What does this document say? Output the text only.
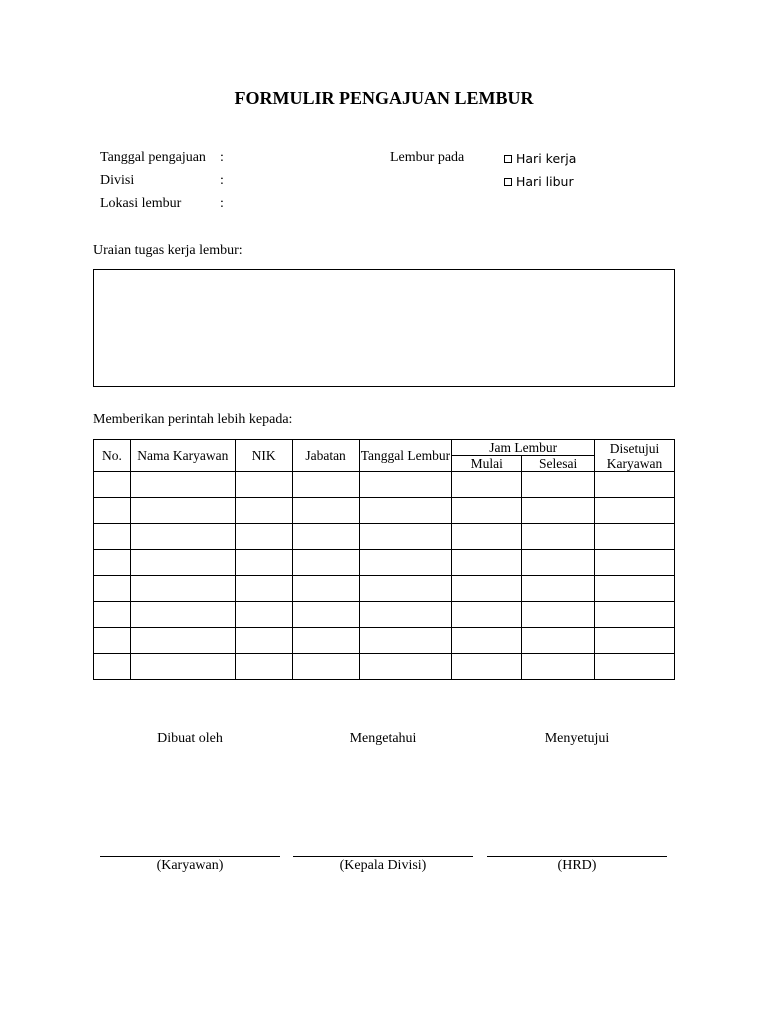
FORMULIR PENGAJUAN LEMBUR
Tanggal pengajuan :
Divisi	:
Lokasi lembur	:
Lembur pada	Hari kerja
Hari libur
Uraian tugas kerja lembur:
Memberikan perintah lebih kepada:
No.	Nama Karyawan	NIK	Jabatan	Tanggal Lembur	Jam Lembur		Disetujui Karyawan
					Mulai	Selesai	

Dibuat oleh	Mengetahui	Menyetujui
(Karyawan)	(Kepala Divisi)	(HRD)
